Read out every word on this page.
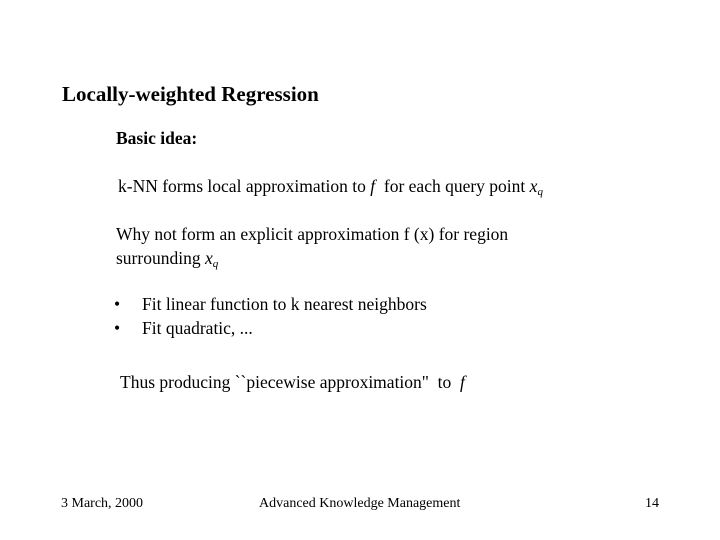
Locally-weighted Regression
Basic idea:
k-NN forms local approximation to f  for each query point $x_q$
Why not form an explicit approximation f (x) for region
surrounding $x_q$
•	Fit linear function to k nearest neighbors
•	Fit quadratic, ...
Thus producing ``piecewise approximation"  to  f
3 March, 2000	Advanced Knowledge Management	14
